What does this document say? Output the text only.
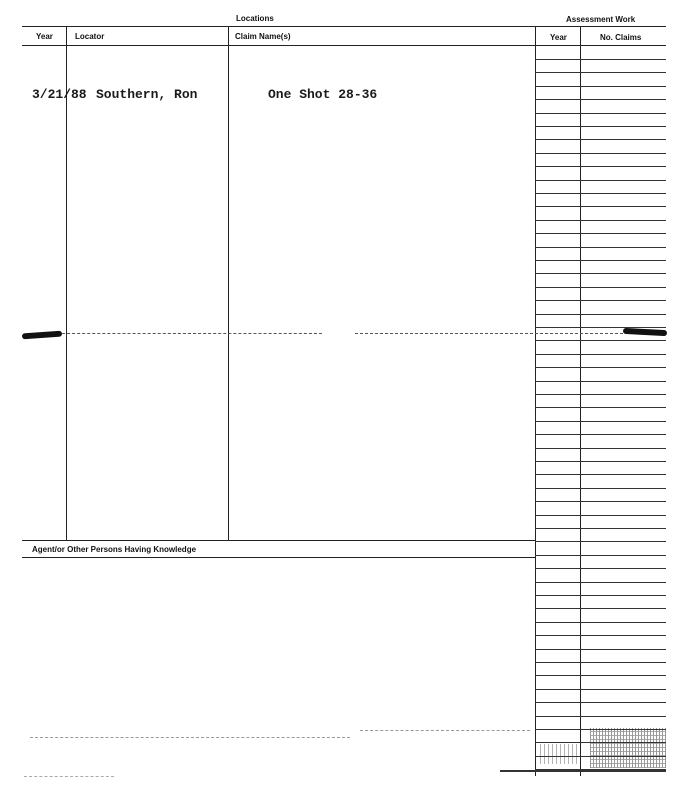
Locations	Assessment Work
Year	Locator	Claim Name(s)	Year	No. Claims
3/21/88 Southern, Ron	One Shot 28-36
Agent/or Other Persons Having Knowledge
